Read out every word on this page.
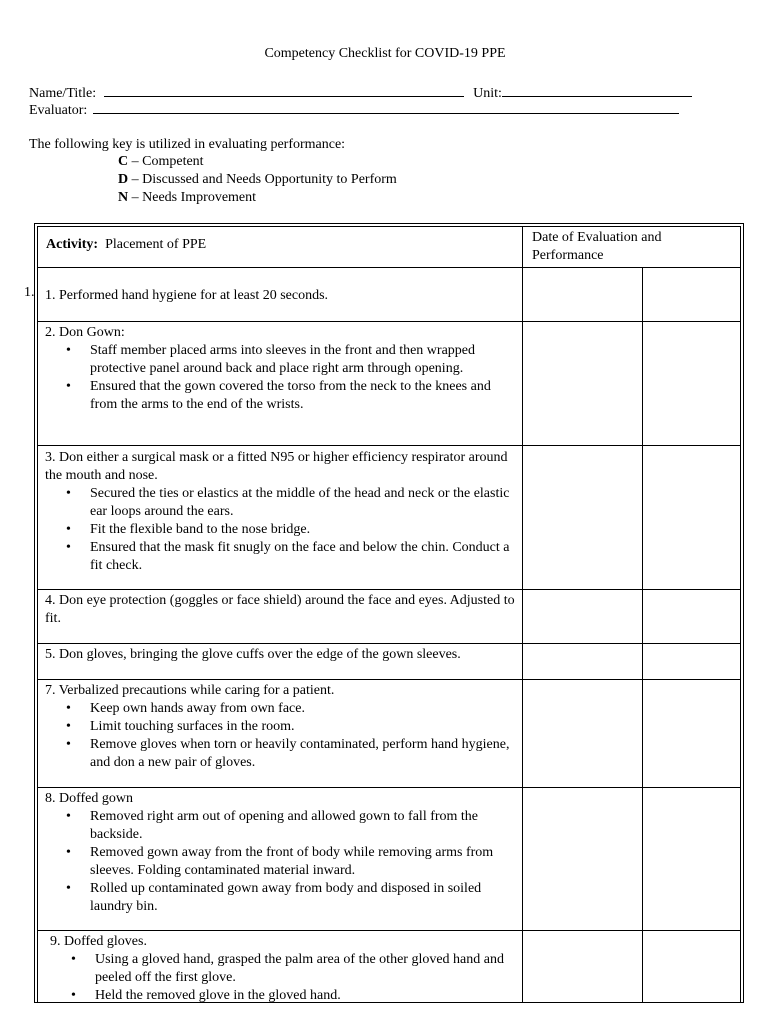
Competency Checklist for COVID-19 PPE
Name/Title:	Unit:
Evaluator:
The following key is utilized in evaluating performance:
C – Competent
D – Discussed and Needs Opportunity to Perform
N – Needs Improvement
1.
Activity: Placement of PPE	Date of Evaluation and Performance
1. Performed hand hygiene for at least 20 seconds.
2. Don Gown:
• Staff member placed arms into sleeves in the front and then wrapped protective panel around back and place right arm through opening.
• Ensured that the gown covered the torso from the neck to the knees and from the arms to the end of the wrists.
3. Don either a surgical mask or a fitted N95 or higher efficiency respirator around the mouth and nose.
• Secured the ties or elastics at the middle of the head and neck or the elastic ear loops around the ears.
• Fit the flexible band to the nose bridge.
• Ensured that the mask fit snugly on the face and below the chin. Conduct a fit check.
4. Don eye protection (goggles or face shield) around the face and eyes. Adjusted to fit.
5. Don gloves, bringing the glove cuffs over the edge of the gown sleeves.
7. Verbalized precautions while caring for a patient.
• Keep own hands away from own face.
• Limit touching surfaces in the room.
• Remove gloves when torn or heavily contaminated, perform hand hygiene, and don a new pair of gloves.
8. Doffed gown
• Removed right arm out of opening and allowed gown to fall from the backside.
• Removed gown away from the front of body while removing arms from sleeves. Folding contaminated material inward.
• Rolled up contaminated gown away from body and disposed in soiled laundry bin.
9. Doffed gloves.
• Using a gloved hand, grasped the palm area of the other gloved hand and peeled off the first glove.
• Held the removed glove in the gloved hand.
